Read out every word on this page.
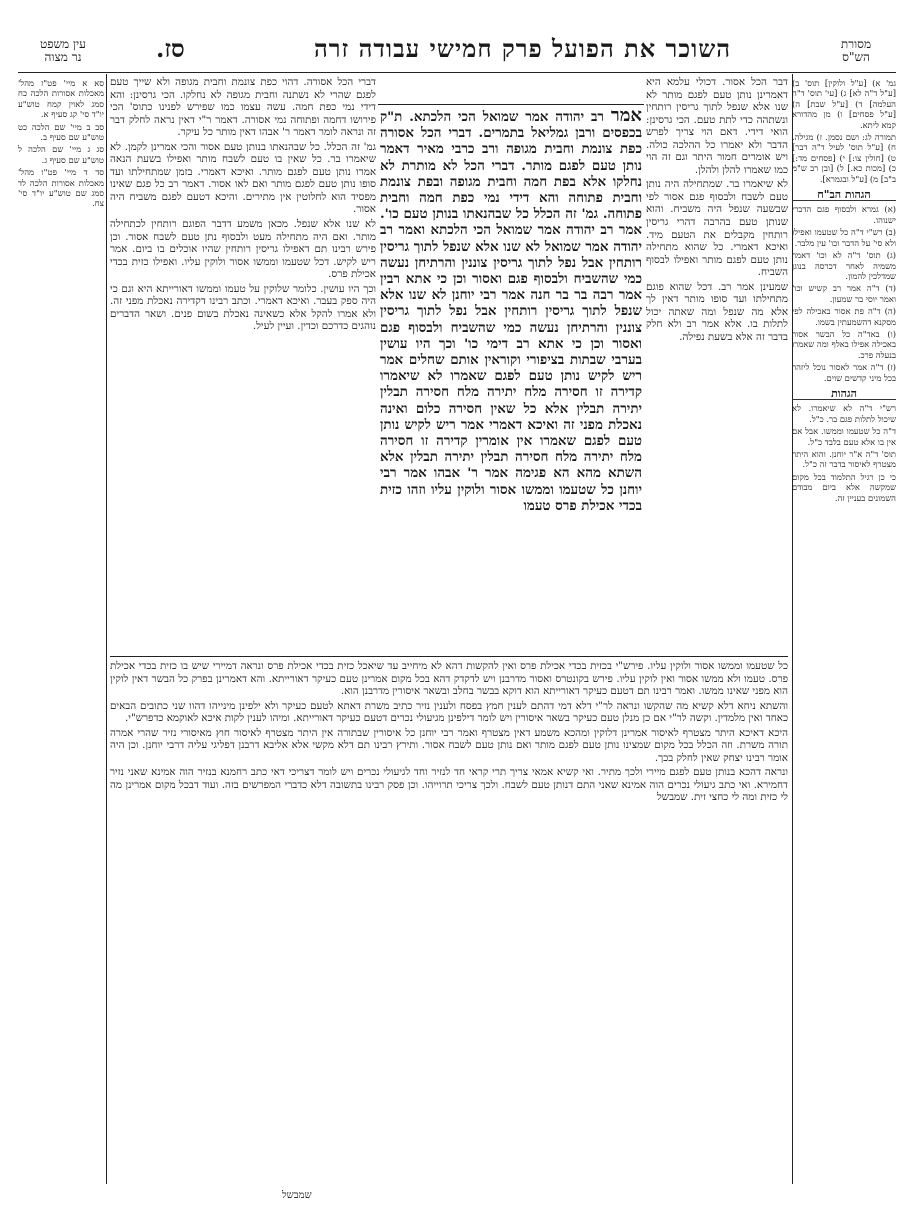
מסורת
הש"ס
השוכר את הפועל פרק חמישי עבודה זרה
סז.
עין משפט
נר מצוה

גמ' א) [ע"ל ולוקין] תוס' ב) [ע"ל ד"ה לא] ג) [עי' תוס' ד"ה העלמה] ד) [ע"ל שבת] ה) [ע"ל פסחים] ו) מן מהדורא קמא ליתא.

תמורה לג: ושם נסמן. ז) מגילה. ח) [ע"ל תוס' לעיל ד"ה דבר] ט) [חולין צו:] י) [פסחים מד:] כ) [מכות כא.] ל) [ובן רב ש"מ ב"ב] מ) [ע"ל ובגמרא].

הגהות הב"ח

(א) גמרא ולבסוף פגם הדברי ישנוהו.

(ב) רש"י ד"ה כל שטעמו ואפילו ולא סי' על הדבר וכו' עין מלבר.

(ג) תוס' ד"ה לא וכו' דאמר משמיה לאחר דכרסה בנוגן שמדלכין להמון.

(ד) ד"ה אמר רב קשיש וכו' ואמר יוסי בר שמעון.

(ה) ד"ה פת אסור באכילה לפי מסקנא דהשמעתין בשמו.

(ו) באד"ה כל הבשר אסור באכילה אפילו באלף ומה שאמרו בנעלה פרכ.

(ז) ד"ה אמר לאסור נוכל ליזהר בכל מיני קדשים שוים.

הגהות

רש"י ד"ה לא שיאמרו. לא שיכול לתלות פגם בר. כ"ל.

ד"ה כל שטעמו וממשו. אבל אם אין בו אלא טעם בלבד כ"ל.

תוס' ד"ה א"ר יוחנן. והוא היתר מצטרף לאיסור בדבר זה כ"ל.

כי כן רגיל התלמוד בכל מקום שמקשה אלא ביום מבודם השמונים בעניין זה.

סא א מיי' פט"ז מהל' מאכלות אסורות הלכה כח סמג לאוין קמח טוש"ע יו"ד סי' קג סעיף א.

סב ב מיי' שם הלכה כט טוש"ע שם סעיף ב.

סג ג מיי' שם הלכה ל טוש"ע שם סעיף ג.

סד ד מיי' פט"ו מהל' מאכלות אסורות הלכה לד סמג שם טוש"ע יו"ד סי' צח.

דבר הכל אסור. דכולי עלמא היא דאמרינן נותן טעם לפגם מותר לא שנו אלא שנפל לתוך גריסין רותחין ונשתהה כדי לתת טעם. הכי גרסינן: הואי דידי. דאם הוי צריך לפרש הדבר ולא יאמרו כל ההלכה כולה. ויש אומרים חמור היתר וגם זה הוי כמו שאמרו להלן ולהלן.

לא שיאמרו בר. שמתחילה היה נותן טעם לשבח ולבסוף פגם אסור לפי שבשעה שנפל היה משביח. והוא שנותן טעם בהרבה דהרי גריסין רותחין מקבלים את הטעם מיד. ואיכא דאמרי. כל שהוא מתחילה נותן טעם לפגם מותר ואפילו לבסוף השביח.

שמעינן אמר רב. דכל שהוא פוגם מתחילתו ועד סופו מותר דאין לך אלא מה שנפל ומה שאתה יכול לתלות בו. אלא אמר רב ולא חלק בדבר זה אלא בשעת נפילה.

דברי הכל אסורה. דהוי כפת צונמת וחבית מגופה ולא שייך טעם לפגם שהרי לא נשתנה וחבית מגופה לא נחלקו. הכי גרסינן: והא דידי נמי כפת חמה. עשה עצמו כמו שפירש לפנינו כתוס' הכי פירושו דחמה ופתוחה נמי אסורה. דאמר ר"י דאין נראה לחלק דבר זה ונראה לומר דאמר ר' אבהו דאין מותר כל עיקר.

גמ' זה הכלל. כל שבהנאתו בנותן טעם אסור והכי אמרינן לקמן. לא שיאמרו בר. כל שאין בו טעם לשבח מותר ואפילו בשעת הנאה אמרו נותן טעם לפגם מותר. ואיכא דאמרי. בזמן שמתחילתו ועד סופו נותן טעם לפגם מותר ואם לאו אסור. דאמר רב כל פגם שאינו מפסיד הוא לחלוטין אין מתירים. והיכא דטעם לפגם משביח היה אסור.

לא שנו אלא שנפל. מכאן משמע דדבר הפוגם רותחין לכתחילה מותר. ואם היה מתחילה מעט ולבסוף נתן טעם לשבח אסור. וכן פירש רבינו תם דאפילו גריסין רותחין שהיו אוכלים בו ביום. אמר ריש לקיש. דכל שטעמו וממשו אסור ולוקין עליו. ואפילו כזית בכדי אכילת פרס.

וכך היו עושין. כלומר שלוקין על טעמו וממשו דאורייתא היא וגם כי היה ספק בעבר. ואיכא דאמרי. וכתב רבינו דקדירה נאכלת מפני זה. ולא אמרו להקל אלא כשאינה נאכלת בשום פנים. ושאר הדברים נוהגים כדרכם וכדין. ועיין לעיל.

אמר רב יהודה אמר שמואל הכי הלכתא. ת"ק בכפסים ורבן גמליאל בתמרים. דברי הכל אסורה כפת צונמת וחבית מגופה ורב כרבי מאיר דאמר נותן טעם לפגם מותר. דברי הכל לא מותרת לא נחלקו אלא בפת חמה וחבית מגופה ובפת צונמת וחבית פתוחה והא דידי נמי כפת חמה וחבית פתוחה. גמ' זה הכלל כל שבהנאתו בנותן טעם כו'. אמר רב יהודה אמר שמואל הכי הלכתא ואמר רב יהודה אמר שמואל לא שנו אלא שנפל לתוך גריסין רותחין אבל נפל לתוך גריסין צוננין והרתיחן נעשה כמי שהשביח ולבסוף פגם ואסור וכן כי אתא רבין אמר רבה בר בר חנה אמר רבי יוחנן לא שנו אלא שנפל לתוך גריסין רותחין אבל נפל לתוך גריסין צוננין והרתיחן נעשה כמי שהשביח ולבסוף פגם ואסור וכן כי אתא רב דימי כו' וכך היו עושין בערבי שבתות בציפורי וקוראין אותם שחלים אמר ריש לקיש נותן טעם לפגם שאמרו לא שיאמרו קדירה זו חסירה מלח יתירה מלח חסירה תבלין יתירה תבלין אלא כל שאין חסירה כלום ואינה נאכלת מפני זה ואיכא דאמרי אמר ריש לקיש נותן טעם לפגם שאמרו אין אומרין קדירה זו חסירה מלח יתירה מלח חסירה תבלין יתירה תבלין אלא השתא מהא הא פגימה אמר ר' אבהו אמר רבי יוחנן כל שטעמו וממשו אסור ולוקין עליו וזהו כזית בכדי אכילת פרס טעמו

כל שטעמו וממשו אסור ולוקין עליו. פירש"י בכזית בכדי אכילת פרס ואין להקשות דהא לא מיחייב עד שיאכל כזית בכדי אכילת פרס ונראה דמיירי שיש בו כזית בכדי אכילת פרס. טעמו ולא ממשו אסור ואין לוקין עליו. פירש בקונטרס ואסור מדרבנן ויש לדקדק דהא בכל מקום אמרינן טעם כעיקר דאורייתא. והא דאמרינן בפרק כל הבשר דאין לוקין הוא מפני שאינו ממשו. ואמר רבינו תם דטעם כעיקר דאורייתא הוא דוקא בבשר בחלב ובשאר איסורין מדרבנן הוא.

והשתא ניחא דלא קשיא מה שהקשו ונראה לר"י דלא דמי דהתם לענין חמץ בפסח ולענין נזיר כתיב משרת דאתא לטעם כעיקר ולא ילפינן מינייהו דהוו שני כתובים הבאים כאחד ואין מלמדין. וקשה לר"י אם כן מנלן טעם כעיקר בשאר איסורין ויש לומר דילפינן מגיעולי נכרים דטעם כעיקר דאורייתא. ומיהו לענין לקות איכא לאוקמא כדפרש"י.

היכא דאיכא היתר מצטרף לאיסור אמרינן דלוקין ומהכא משמע דאין מצטרף ואמר רבי יוחנן כל איסורין שבתורה אין היתר מצטרף לאיסור חוץ מאיסורי נזיר שהרי אמרה תורה משרת. וזה הכלל בכל מקום שמצינו נותן טעם לפגם מותר ואם נותן טעם לשבח אסור. ותירץ רבינו תם דלא מקשי אלא אליבא דרבנן דפליגי עליה דרבי יוחנן. וכן היה אומר רבינו יצחק שאין לחלק בכך.

ונראה דהכא בנותן טעם לפגם מיירי ולכך מתיר. ואי קשיא אמאי צריך תרי קראי חד לנזיר וחד לגיעולי נכרים ויש לומר דצריכי דאי כתב רחמנא בנזיר הוה אמינא שאני נזיר דחמירא. ואי כתב גיעולי נכרים הוה אמינא שאני התם דנותן טעם לשבח. ולכך צריכי תרוייהו. וכן פסק רבינו בתשובה דלא כדברי המפרשים בזה. ועוד דבכל מקום אמרינן מה לי כזית ומה לי כחצי זית. שמבשל

שמבשל
